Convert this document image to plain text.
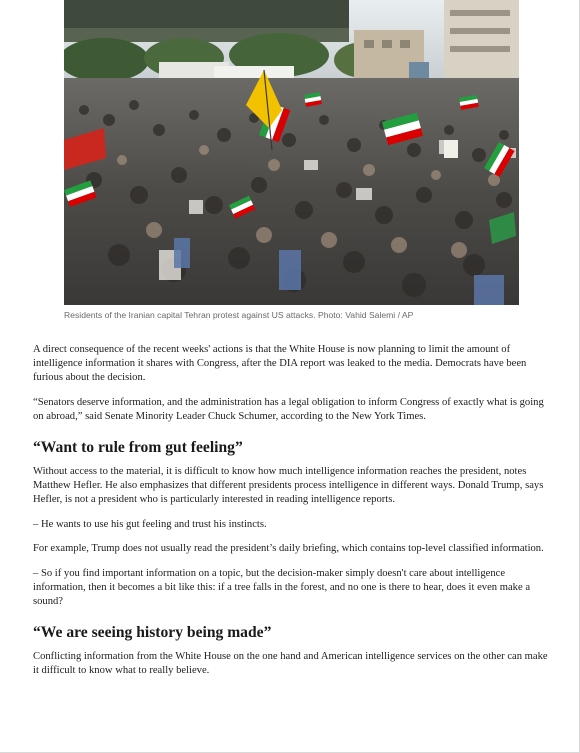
Residents of the Iranian capital Tehran protest against US attacks. Photo: Vahid Salemi / AP

A direct consequence of the recent weeks' actions is that the White House is now planning to limit the amount of intelligence information it shares with Congress, after the DIA report was leaked to the media. Democrats have been furious about the decision.

“Senators deserve information, and the administration has a legal obligation to inform Congress of exactly what is going on abroad,” said Senate Minority Leader Chuck Schumer, according to the New York Times.

“Want to rule from gut feeling”

Without access to the material, it is difficult to know how much intelligence information reaches the president, notes Matthew Hefler. He also emphasizes that different presidents process intelligence in different ways. Donald Trump, says Hefler, is not a president who is particularly interested in reading intelligence reports.

– He wants to use his gut feeling and trust his instincts.

For example, Trump does not usually read the president’s daily briefing, which contains top-level classified information.

– So if you find important information on a topic, but the decision-maker simply doesn't care about intelligence information, then it becomes a bit like this: if a tree falls in the forest, and no one is there to hear, does it even make a sound?

“We are seeing history being made”

Conflicting information from the White House on the one hand and American intelligence services on the other can make it difficult to know what to really believe.
